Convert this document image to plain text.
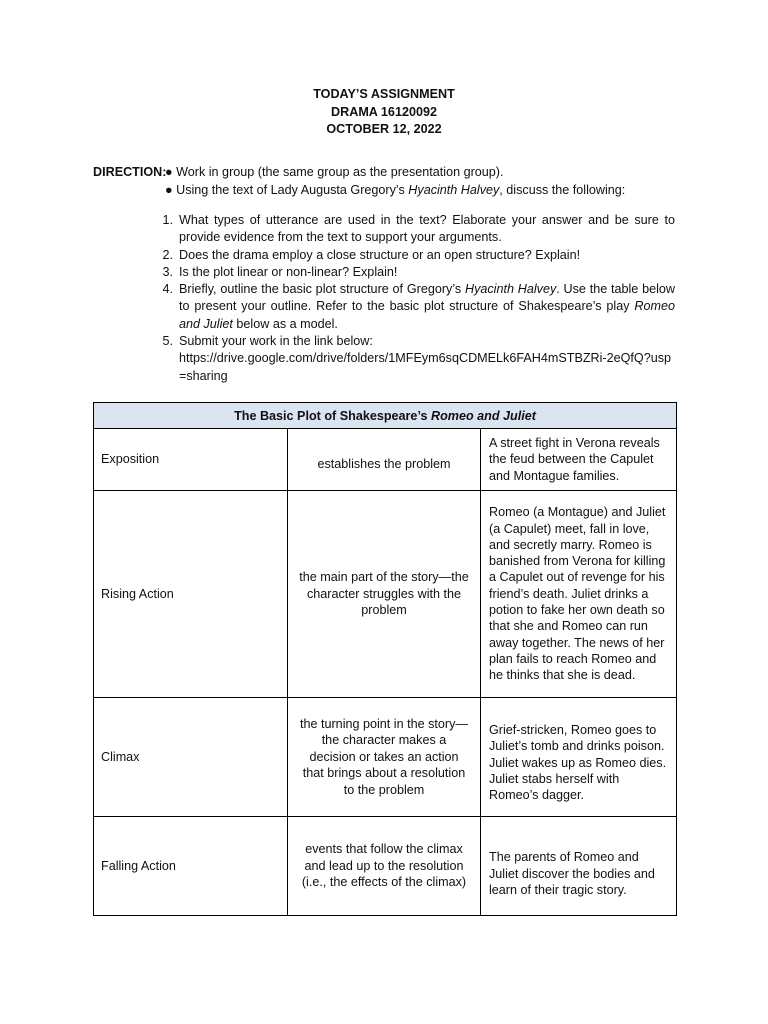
TODAY’S ASSIGNMENT
DRAMA 16120092
OCTOBER 12, 2022
DIRECTION:
● Work in group (the same group as the presentation group).
● Using the text of Lady Augusta Gregory’s Hyacinth Halvey, discuss the following:
1. What types of utterance are used in the text? Elaborate your answer and be sure to provide evidence from the text to support your arguments.
2. Does the drama employ a close structure or an open structure? Explain!
3. Is the plot linear or non-linear? Explain!
4. Briefly, outline the basic plot structure of Gregory’s Hyacinth Halvey. Use the table below to present your outline. Refer to the basic plot structure of Shakespeare’s play Romeo and Juliet below as a model.
5. Submit your work in the link below:
https://drive.google.com/drive/folders/1MFEym6sqCDMELk6FAH4mSTBZRi-2eQfQ?usp=sharing
The Basic Plot of Shakespeare’s Romeo and Juliet		
Exposition	establishes the problem	A street fight in Verona reveals the feud between the Capulet and Montague families.
Rising Action	the main part of the story—the character struggles with the problem	Romeo (a Montague) and Juliet (a Capulet) meet, fall in love, and secretly marry. Romeo is banished from Verona for killing a Capulet out of revenge for his friend’s death. Juliet drinks a potion to fake her own death so that she and Romeo can run away together. The news of her plan fails to reach Romeo and he thinks that she is dead.
Climax	the turning point in the story—the character makes a decision or takes an action that brings about a resolution to the problem	Grief-stricken, Romeo goes to Juliet’s tomb and drinks poison. Juliet wakes up as Romeo dies. Juliet stabs herself with Romeo’s dagger.
Falling Action	events that follow the climax and lead up to the resolution (i.e., the effects of the climax)	The parents of Romeo and Juliet discover the bodies and learn of their tragic story.
